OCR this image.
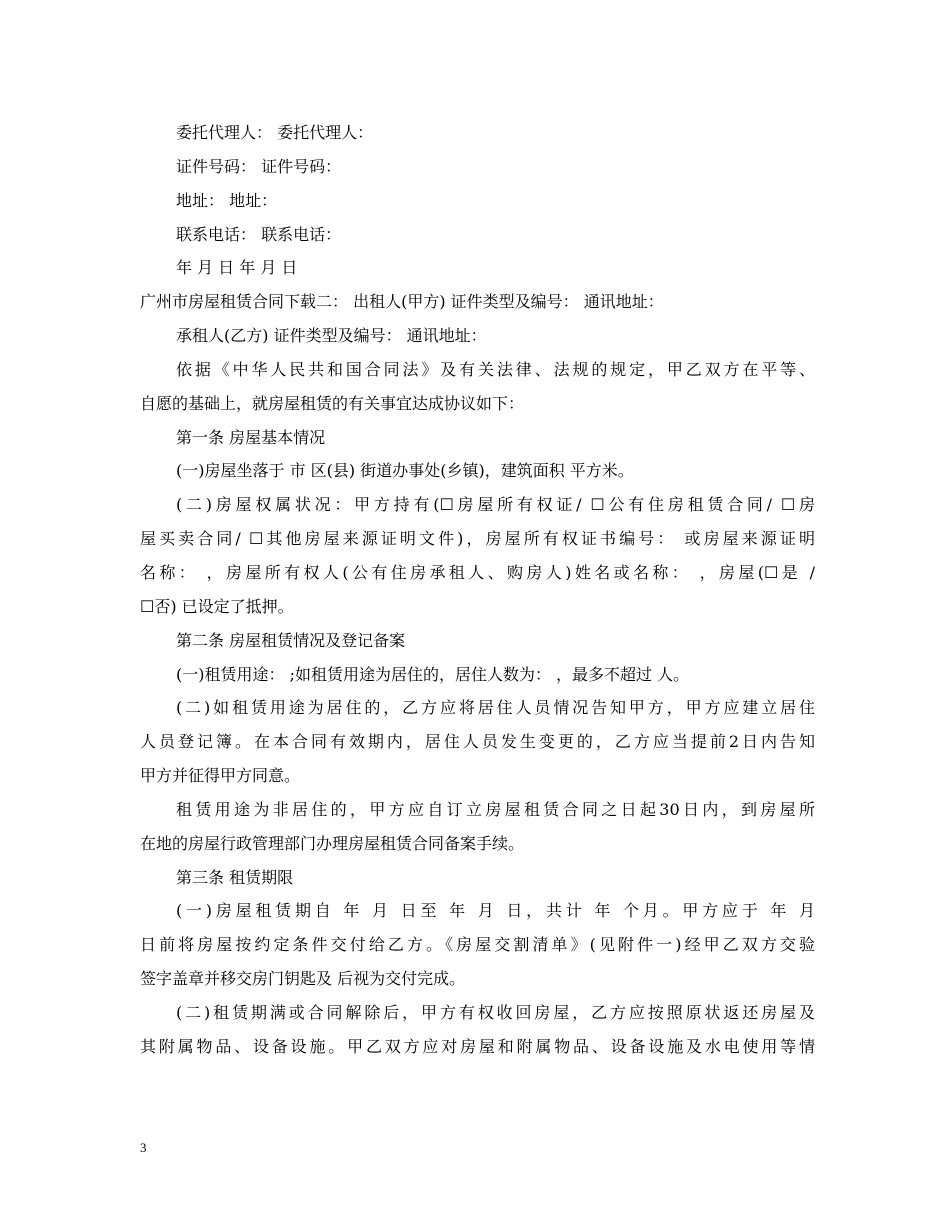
委托代理人： 委托代理人：
证件号码： 证件号码：
地址： 地址：
联系电话： 联系电话：
年 月 日 年 月 日
广州市房屋租赁合同下载二： 出租人(甲方) 证件类型及编号： 通讯地址：
承租人(乙方) 证件类型及编号： 通讯地址：
依据《中华人民共和国合同法》及有关法律、法规的规定，甲乙双方在平等、
自愿的基础上，就房屋租赁的有关事宜达成协议如下：
第一条 房屋基本情况
(一)房屋坐落于 市 区(县) 街道办事处(乡镇)，建筑面积 平方米。
(二)房屋权属状况：甲方持有(☐房屋所有权证/ ☐公有住房租赁合同/ ☐房
屋买卖合同/ ☐其他房屋来源证明文件)，房屋所有权证书编号： 或房屋来源证明
名称： ，房屋所有权人(公有住房承租人、购房人)姓名或名称： ，房屋(☐是 /
☐否) 已设定了抵押。
第二条 房屋租赁情况及登记备案
(一)租赁用途： ;如租赁用途为居住的，居住人数为： ，最多不超过 人。
(二)如租赁用途为居住的，乙方应将居住人员情况告知甲方，甲方应建立居住
人员登记簿。在本合同有效期内，居住人员发生变更的，乙方应当提前2日内告知
甲方并征得甲方同意。
租赁用途为非居住的，甲方应自订立房屋租赁合同之日起30日内，到房屋所
在地的房屋行政管理部门办理房屋租赁合同备案手续。
第三条 租赁期限
(一)房屋租赁期自 年 月 日至 年 月 日，共计 年 个月。甲方应于 年 月
日前将房屋按约定条件交付给乙方。《房屋交割清单》(见附件一)经甲乙双方交验
签字盖章并移交房门钥匙及 后视为交付完成。
(二)租赁期满或合同解除后，甲方有权收回房屋，乙方应按照原状返还房屋及
其附属物品、设备设施。甲乙双方应对房屋和附属物品、设备设施及水电使用等情
3
